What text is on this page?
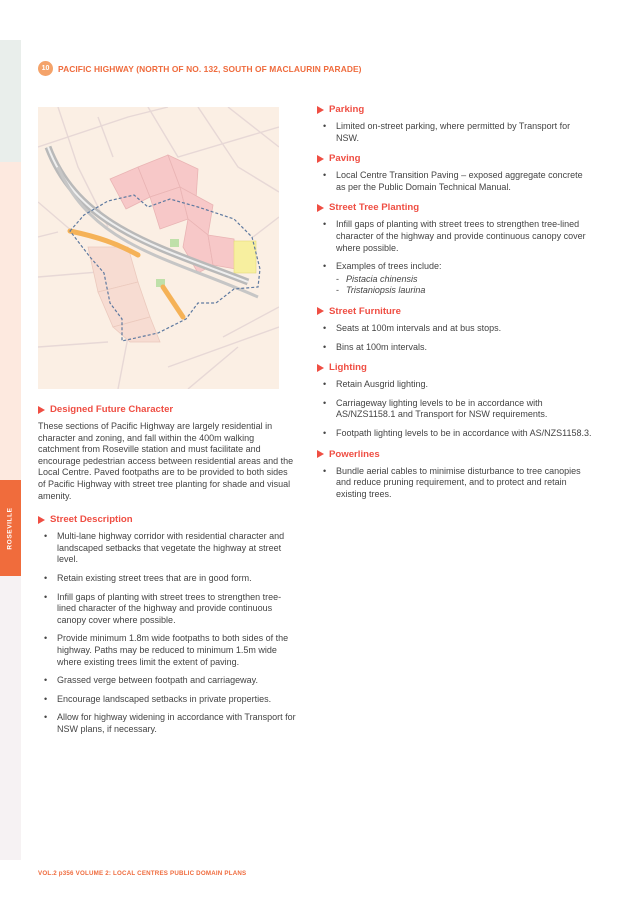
ROSEVILLE
10	PACIFIC HIGHWAY (NORTH OF NO. 132, SOUTH OF MACLAURIN PARADE)
Designed Future Character

These sections of Pacific Highway are largely residential in character and zoning, and fall within the 400m walking catchment from Roseville station and must facilitate and encourage pedestrian access between residential areas and the Local Centre. Paved footpaths are to be provided to both sides of Pacific Highway with street tree planting for shade and visual amenity.

Street Description
• Multi-lane highway corridor with residential character and landscaped setbacks that vegetate the highway at street level.
• Retain existing street trees that are in good form.
• Infill gaps of planting with street trees to strengthen tree-lined character of the highway and provide continuous canopy cover where possible.
• Provide minimum 1.8m wide footpaths to both sides of the highway. Paths may be reduced to minimum 1.5m wide where existing trees limit the extent of paving.
• Grassed verge between footpath and carriageway.
• Encourage landscaped setbacks in private properties.
• Allow for highway widening in accordance with Transport for NSW plans, if necessary.
Parking
• Limited on-street parking, where permitted by Transport for NSW.
Paving
• Local Centre Transition Paving – exposed aggregate concrete as per the Public Domain Technical Manual.
Street Tree Planting
• Infill gaps of planting with street trees to strengthen tree-lined character of the highway and provide continuous canopy cover where possible.
• Examples of trees include:
- Pistacia chinensis
- Tristaniopsis laurina
Street Furniture
• Seats at 100m intervals and at bus stops.
• Bins at 100m intervals.
Lighting
• Retain Ausgrid lighting.
• Carriageway lighting levels to be in accordance with AS/NZS1158.1 and Transport for NSW requirements.
• Footpath lighting levels to be in accordance with AS/NZS1158.3.
Powerlines
• Bundle aerial cables to minimise disturbance to tree canopies and reduce pruning requirement, and to protect and retain existing trees.
VOL.2 p356 VOLUME 2: LOCAL CENTRES PUBLIC DOMAIN PLANS
